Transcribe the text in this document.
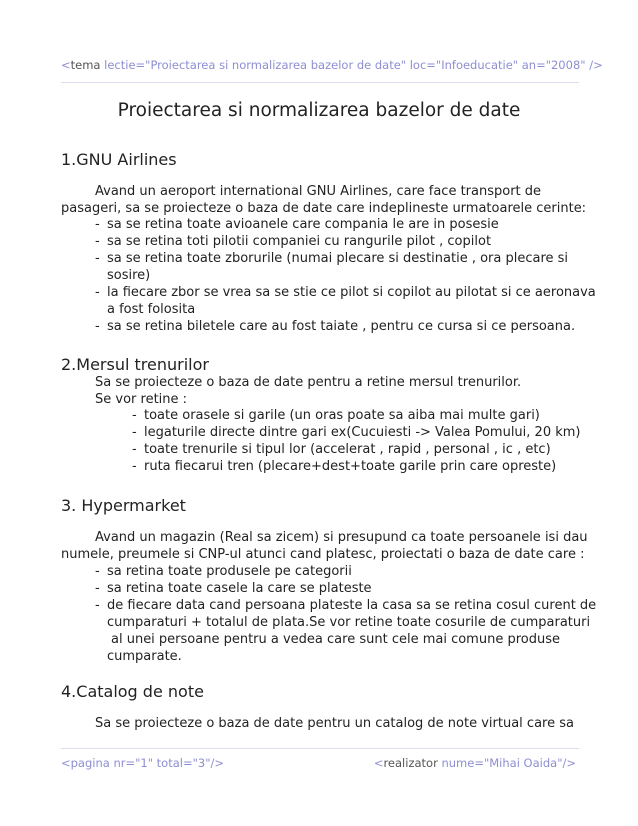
<tema lectie="Proiectarea si normalizarea bazelor de date" loc="Infoeducatie" an="2008" />
Proiectarea si normalizarea bazelor de date
1.GNU Airlines
Avand un aeroport international GNU Airlines, care face transport de
pasageri, sa se proiecteze o baza de date care indeplineste urmatoarele cerinte:
- sa se retina toate avioanele care compania le are in posesie
- sa se retina toti pilotii companiei cu rangurile pilot , copilot
- sa se retina toate zborurile (numai plecare si destinatie , ora plecare si
sosire)
- la fiecare zbor se vrea sa se stie ce pilot si copilot au pilotat si ce aeronava
a fost folosita
- sa se retina biletele care au fost taiate , pentru ce cursa si ce persoana.
2.Mersul trenurilor
Sa se proiecteze o baza de date pentru a retine mersul trenurilor.
Se vor retine :
- toate orasele si garile (un oras poate sa aiba mai multe gari)
- legaturile directe dintre gari ex(Cucuiesti -> Valea Pomului, 20 km)
- toate trenurile si tipul lor (accelerat , rapid , personal , ic , etc)
- ruta fiecarui tren (plecare+dest+toate garile prin care opreste)
3. Hypermarket
Avand un magazin (Real sa zicem) si presupund ca toate persoanele isi dau
numele, preumele si CNP-ul atunci cand platesc, proiectati o baza de date care :
- sa retina toate produsele pe categorii
- sa retina toate casele la care se plateste
- de fiecare data cand persoana plateste la casa sa se retina cosul curent de
cumparaturi + totalul de plata.Se vor retine toate cosurile de cumparaturi
al unei persoane pentru a vedea care sunt cele mai comune produse
cumparate.
4.Catalog de note
Sa se proiecteze o baza de date pentru un catalog de note virtual care sa
<pagina nr="1" total="3"/>	<realizator nume="Mihai Oaida"/>
